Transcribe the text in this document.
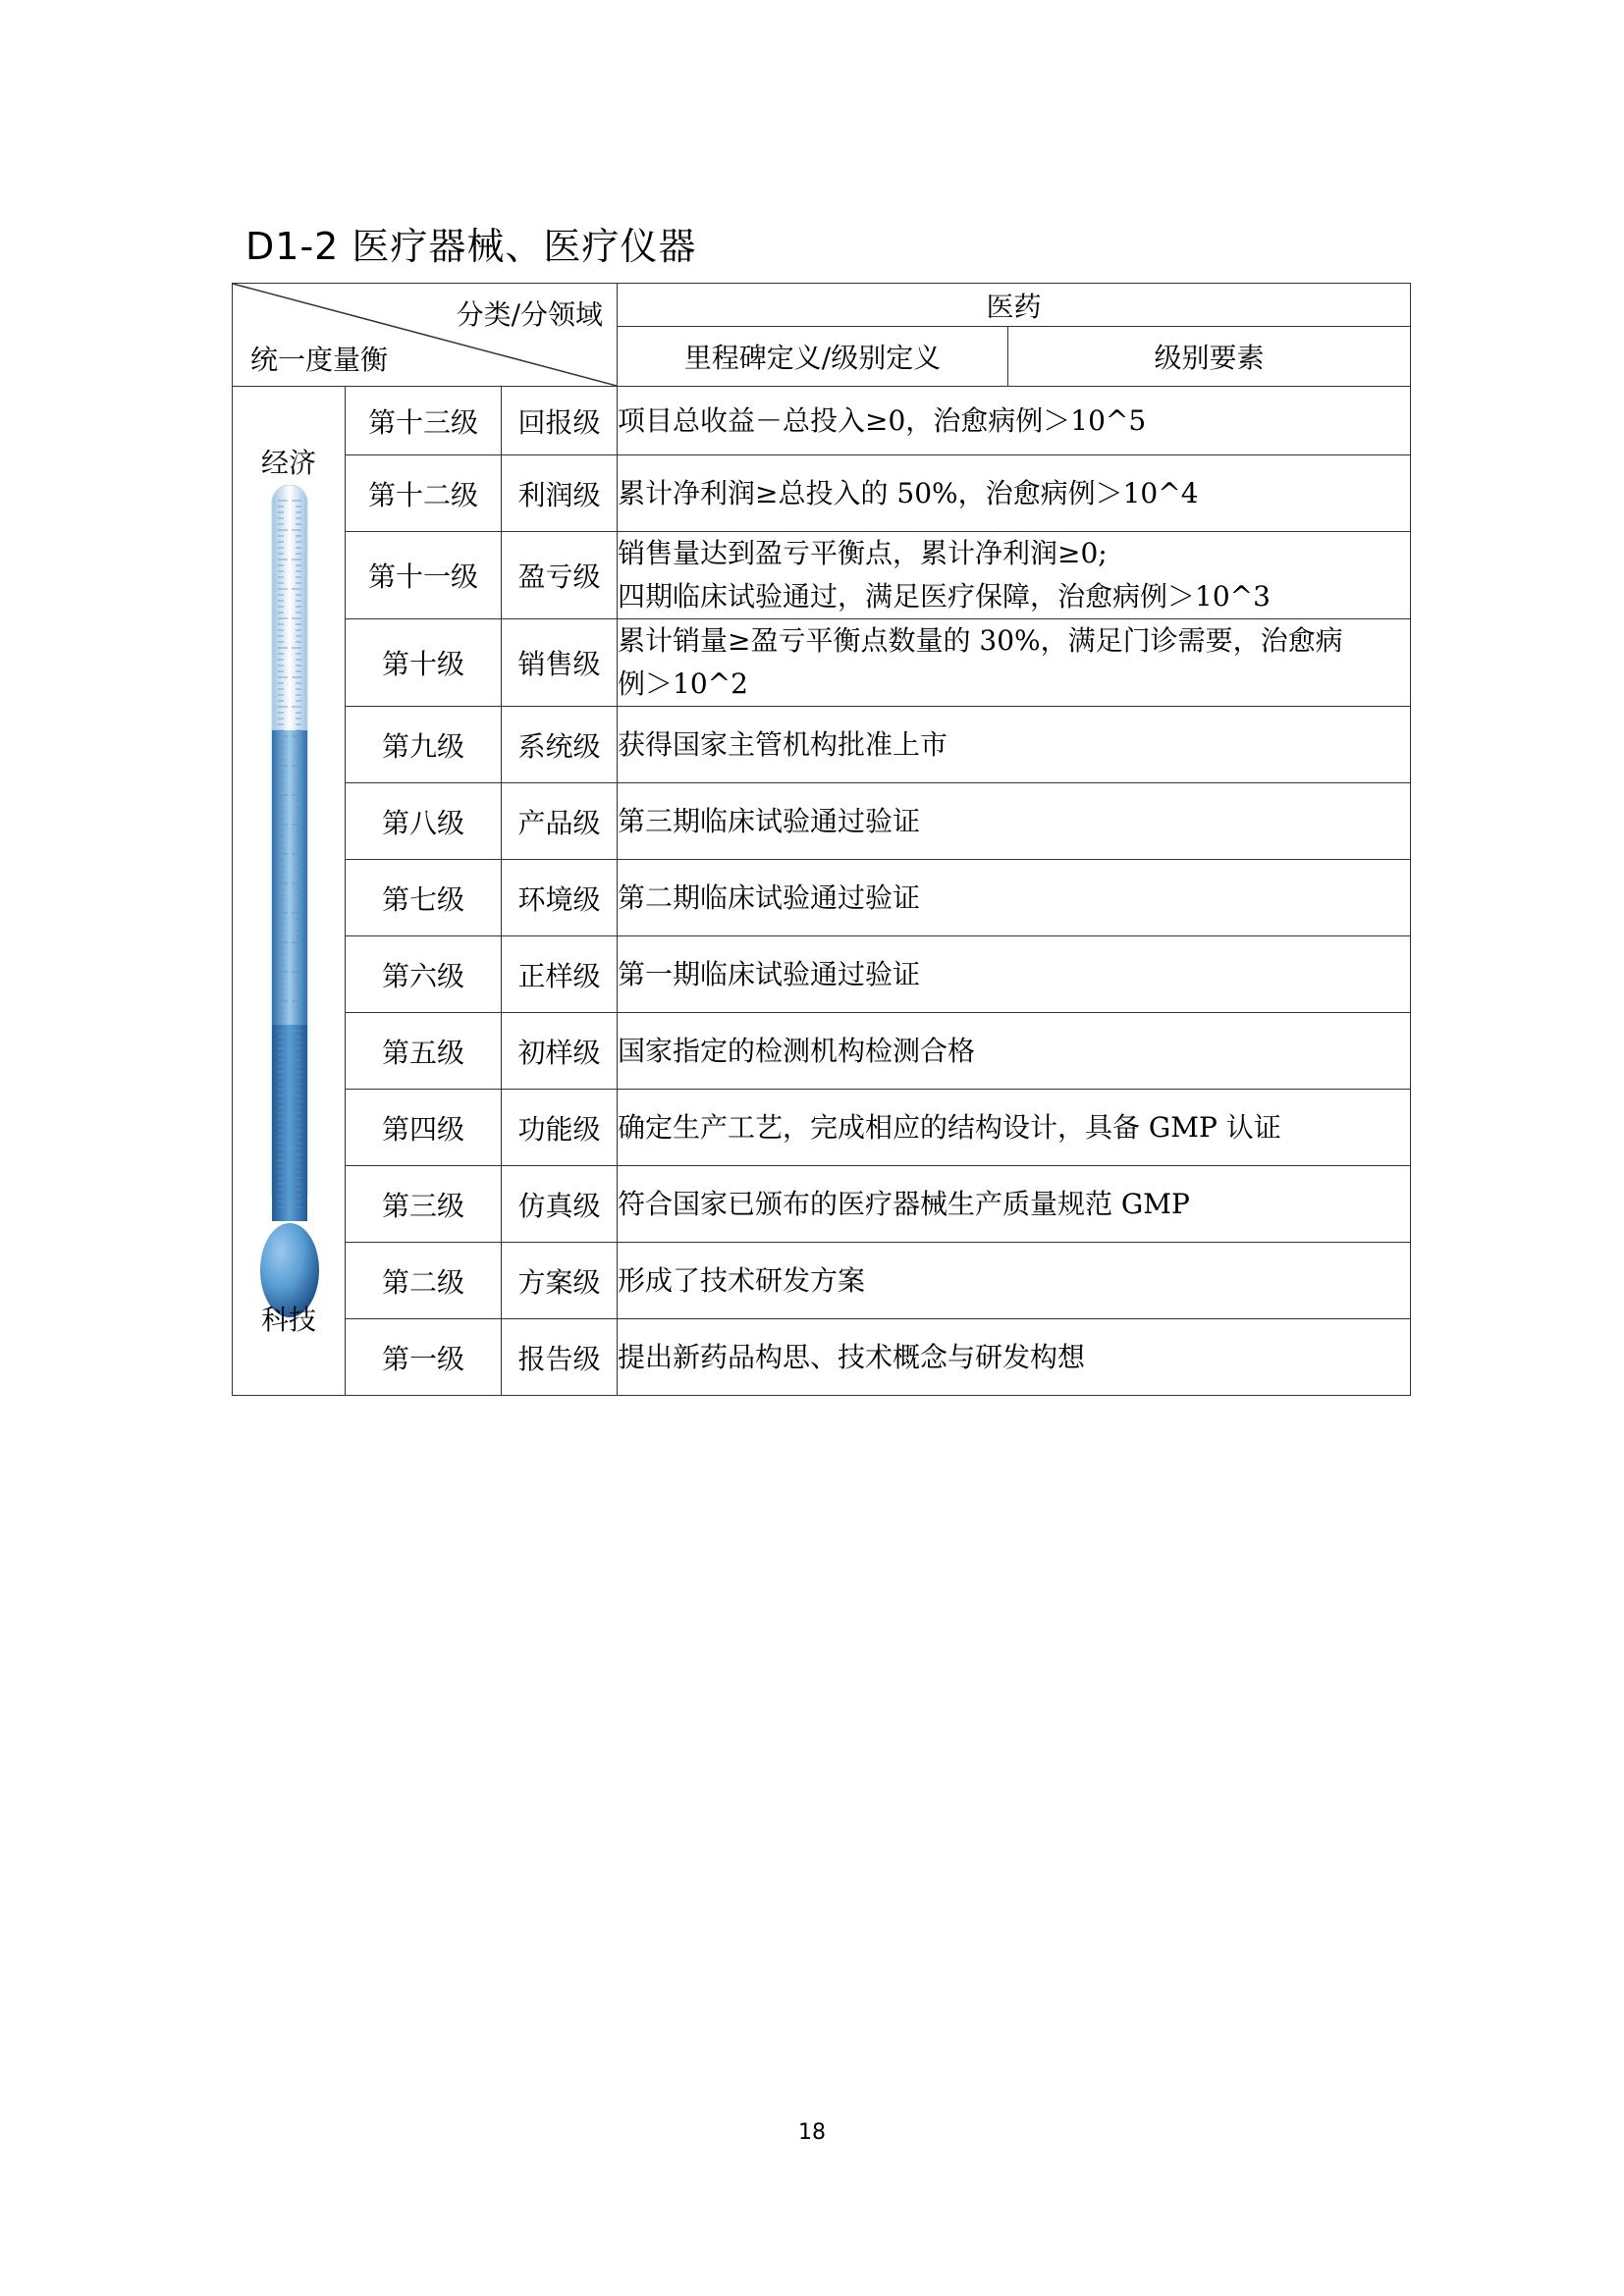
D1-2 医疗器械、医疗仪器
分类/分领域
统一度量衡			医药	
			里程碑定义/级别定义	级别要素

经济
科技	第十三级	回报级	项目总收益－总投入≥0，治愈病例＞10^5	

	第十二级	利润级	累计净利润≥总投入的 50%，治愈病例＞10^4	

	第十一级	盈亏级	销售量达到盈亏平衡点，累计净利润≥0;
四期临床试验通过，满足医疗保障，治愈病例＞10^3	

	第十级	销售级	累计销量≥盈亏平衡点数量的 30%，满足门诊需要，治愈病
例＞10^2	

	第九级	系统级	获得国家主管机构批准上市	

	第八级	产品级	第三期临床试验通过验证	

	第七级	环境级	第二期临床试验通过验证	

	第六级	正样级	第一期临床试验通过验证	

	第五级	初样级	国家指定的检测机构检测合格	

	第四级	功能级	确定生产工艺，完成相应的结构设计，具备 GMP 认证	

	第三级	仿真级	符合国家已颁布的医疗器械生产质量规范 GMP	

	第二级	方案级	形成了技术研发方案	

	第一级	报告级	提出新药品构思、技术概念与研发构想	
18
